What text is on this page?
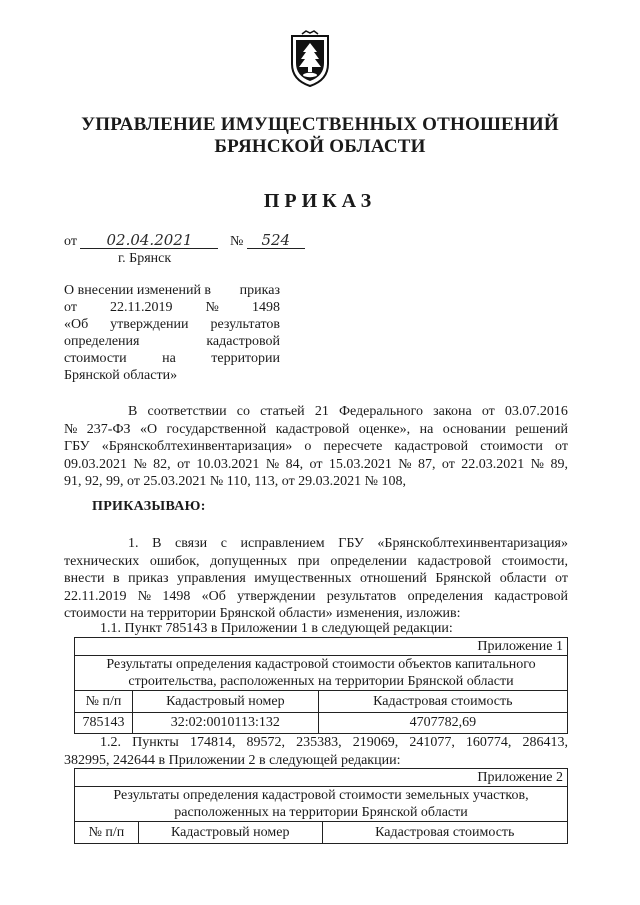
УПРАВЛЕНИЕ ИМУЩЕСТВЕННЫХ ОТНОШЕНИЙ
БРЯНСКОЙ ОБЛАСТИ
ПРИКАЗ
от 02.04.2021	№ 524
г. Брянск
О внесении изменений в приказ
от 22.11.2019 № 1498
«Об утверждении результатов
определения	кадастровой
стоимости	на	территории
Брянской области»
В соответствии со статьей 21 Федерального закона от 03.07.2016
№ 237-ФЗ «О государственной кадастровой оценке», на основании решений
ГБУ «Брянскоблтехинвентаризация» о пересчете кадастровой стоимости от
09.03.2021 № 82, от 10.03.2021 № 84, от 15.03.2021 № 87, от 22.03.2021 № 89,
91, 92, 99, от 25.03.2021 № 110, 113, от 29.03.2021 № 108,
ПРИКАЗЫВАЮ:
1. В связи с исправлением ГБУ «Брянскоблтехинвентаризация»
технических ошибок, допущенных при определении кадастровой стоимости,
внести в приказ управления имущественных отношений Брянской области от
22.11.2019 № 1498 «Об утверждении результатов определения кадастровой
стоимости на территории Брянской области» изменения, изложив:
1.1. Пункт 785143 в Приложении 1 в следующей редакции:
Приложение 1		

Результаты определения кадастровой стоимости объектов капитального
строительства, расположенных на территории Брянской области		

№ п/п	Кадастровый номер	Кадастровая стоимость
785143	32:02:0010113:132	4707782,69
1.2. Пункты 174814, 89572, 235383, 219069, 241077, 160774, 286413,
382995, 242644 в Приложении 2 в следующей редакции:
Приложение 2

Результаты определения кадастровой стоимости земельных участков,
расположенных на территории Брянской области

№ п/п	Кадастровый номер	Кадастровая стоимость
